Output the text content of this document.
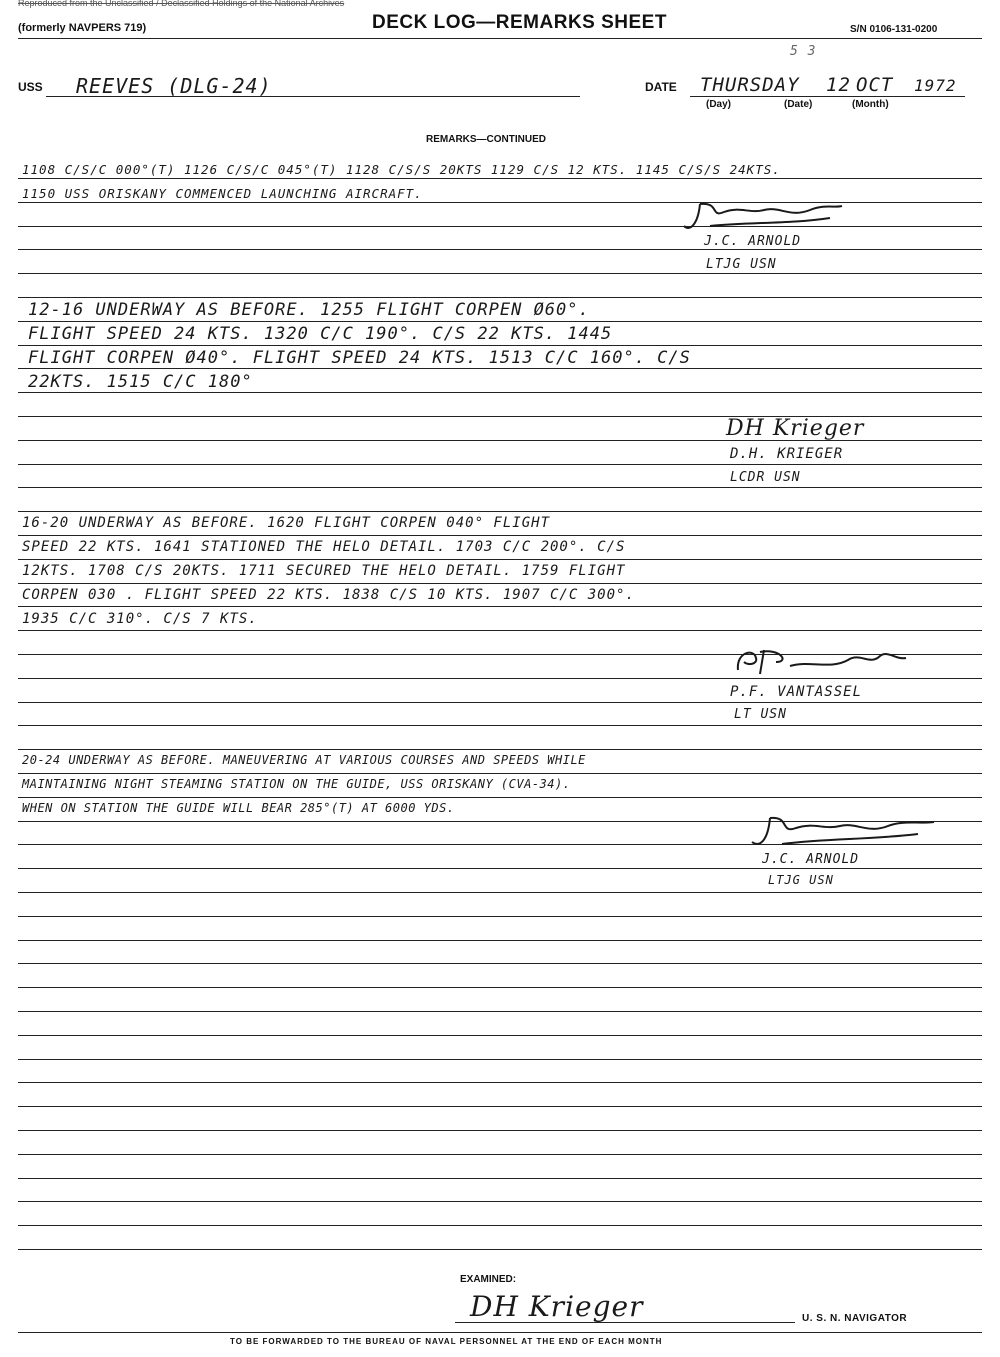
Reproduced from the Unclassified / Declassified Holdings of the National Archives
(formerly NAVPERS 719)	DECK LOG—REMARKS SHEET	S/N 0106-131-0200
5 3
USS REEVES (DLG-24)	DATE THURSDAY 12 OCT 1972
(Day)	(Date)	(Month)
REMARKS—CONTINUED
1108 C/S/C 000°(T) 1126 C/S/C 045°(T) 1128 C/S/S 20KTS 1129 C/S 12 KTS. 1145 C/S/S 24KTS.
1150 USS ORISKANY COMMENCED LAUNCHING AIRCRAFT.
J.C. ARNOLD
LTJG USN
12-16 UNDERWAY AS BEFORE. 1255 FLIGHT CORPEN Ø60°.
FLIGHT SPEED 24 KTS. 1320 C/C 190°. C/S 22 KTS. 1445
FLIGHT CORPEN Ø40°. FLIGHT SPEED 24 KTS. 1513 C/C 160°. C/S
22KTS. 1515 C/C 180°
DH Krieger
D.H. KRIEGER
LCDR USN
16-20 UNDERWAY AS BEFORE. 1620 FLIGHT CORPEN 040° FLIGHT
SPEED 22 KTS. 1641 STATIONED THE HELO DETAIL. 1703 C/C 200°. C/S
12KTS. 1708 C/S 20KTS. 1711 SECURED THE HELO DETAIL. 1759 FLIGHT
CORPEN 030 . FLIGHT SPEED 22 KTS. 1838 C/S 10 KTS. 1907 C/C 300°.
1935 C/C 310°. C/S 7 KTS.
P.F. VANTASSEL
LT USN
20-24 UNDERWAY AS BEFORE. MANEUVERING AT VARIOUS COURSES AND SPEEDS WHILE
MAINTAINING NIGHT STEAMING STATION ON THE GUIDE, USS ORISKANY (CVA-34).
WHEN ON STATION THE GUIDE WILL BEAR 285°(T) AT 6000 YDS.
J.C. ARNOLD
LTJG USN
EXAMINED:
DH Krieger	U. S. N. NAVIGATOR
TO BE FORWARDED TO THE BUREAU OF NAVAL PERSONNEL AT THE END OF EACH MONTH
